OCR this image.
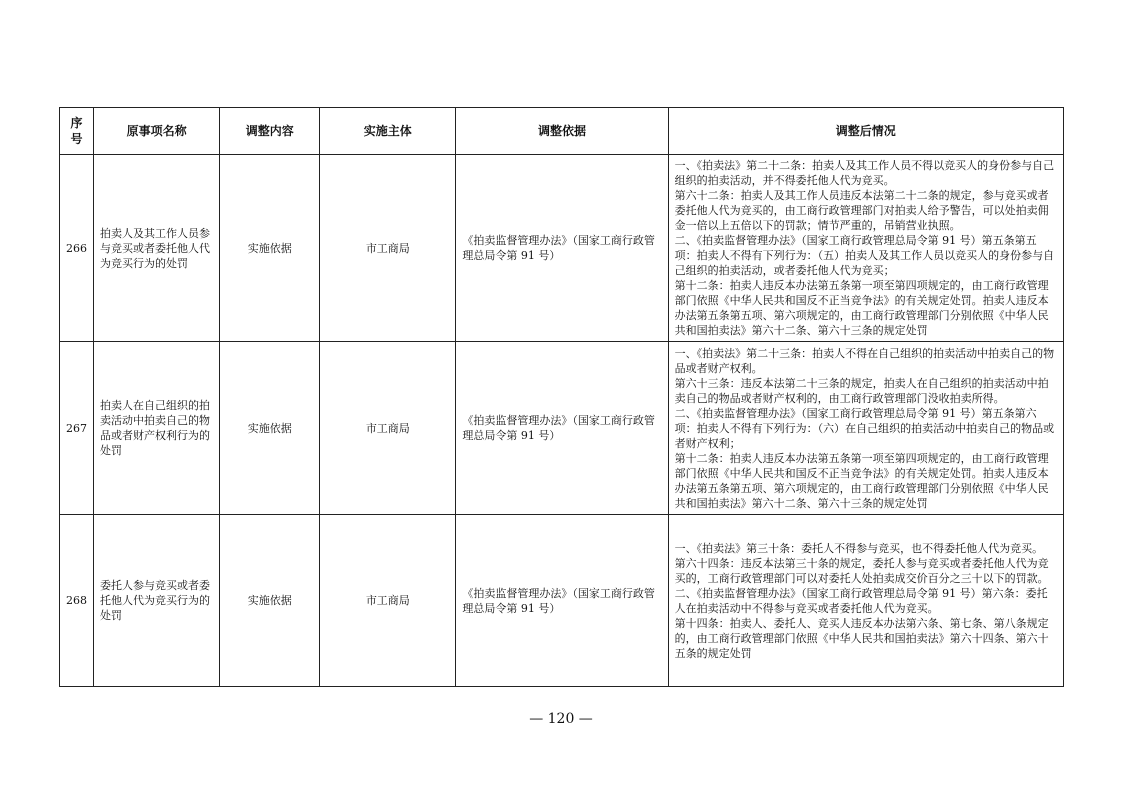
序号	原事项名称	调整内容	实施主体	调整依据	调整后情况
266	拍卖人及其工作人员参与竞买或者委托他人代为竞买行为的处罚	实施依据	市工商局	《拍卖监督管理办法》（国家工商行政管理总局令第 91 号）	一、《拍卖法》第二十二条：拍卖人及其工作人员不得以竞买人的身份参与自己组织的拍卖活动，并不得委托他人代为竞买。
第六十二条：拍卖人及其工作人员违反本法第二十二条的规定，参与竞买或者委托他人代为竞买的，由工商行政管理部门对拍卖人给予警告，可以处拍卖佣金一倍以上五倍以下的罚款；情节严重的，吊销营业执照。
二、《拍卖监督管理办法》（国家工商行政管理总局令第 91 号）第五条第五项：拍卖人不得有下列行为：（五）拍卖人及其工作人员以竞买人的身份参与自己组织的拍卖活动，或者委托他人代为竞买；
第十二条：拍卖人违反本办法第五条第一项至第四项规定的，由工商行政管理部门依照《中华人民共和国反不正当竞争法》的有关规定处罚。拍卖人违反本办法第五条第五项、第六项规定的，由工商行政管理部门分别依照《中华人民共和国拍卖法》第六十二条、第六十三条的规定处罚

267	拍卖人在自己组织的拍卖活动中拍卖自己的物品或者财产权利行为的处罚	实施依据	市工商局	《拍卖监督管理办法》（国家工商行政管理总局令第 91 号）	一、《拍卖法》第二十三条：拍卖人不得在自己组织的拍卖活动中拍卖自己的物品或者财产权利。
第六十三条：违反本法第二十三条的规定，拍卖人在自己组织的拍卖活动中拍卖自己的物品或者财产权利的，由工商行政管理部门没收拍卖所得。
二、《拍卖监督管理办法》（国家工商行政管理总局令第 91 号）第五条第六项：拍卖人不得有下列行为：（六）在自己组织的拍卖活动中拍卖自己的物品或者财产权利；
第十二条：拍卖人违反本办法第五条第一项至第四项规定的，由工商行政管理部门依照《中华人民共和国反不正当竞争法》的有关规定处罚。拍卖人违反本办法第五条第五项、第六项规定的，由工商行政管理部门分别依照《中华人民共和国拍卖法》第六十二条、第六十三条的规定处罚

268	委托人参与竞买或者委托他人代为竞买行为的处罚	实施依据	市工商局	《拍卖监督管理办法》（国家工商行政管理总局令第 91 号）	一、《拍卖法》第三十条：委托人不得参与竞买，也不得委托他人代为竞买。
第六十四条：违反本法第三十条的规定，委托人参与竞买或者委托他人代为竞买的，工商行政管理部门可以对委托人处拍卖成交价百分之三十以下的罚款。
二、《拍卖监督管理办法》（国家工商行政管理总局令第 91 号）第六条：委托人在拍卖活动中不得参与竞买或者委托他人代为竞买。
第十四条：拍卖人、委托人、竞买人违反本办法第六条、第七条、第八条规定的，由工商行政管理部门依照《中华人民共和国拍卖法》第六十四条、第六十五条的规定处罚
— 120 —
